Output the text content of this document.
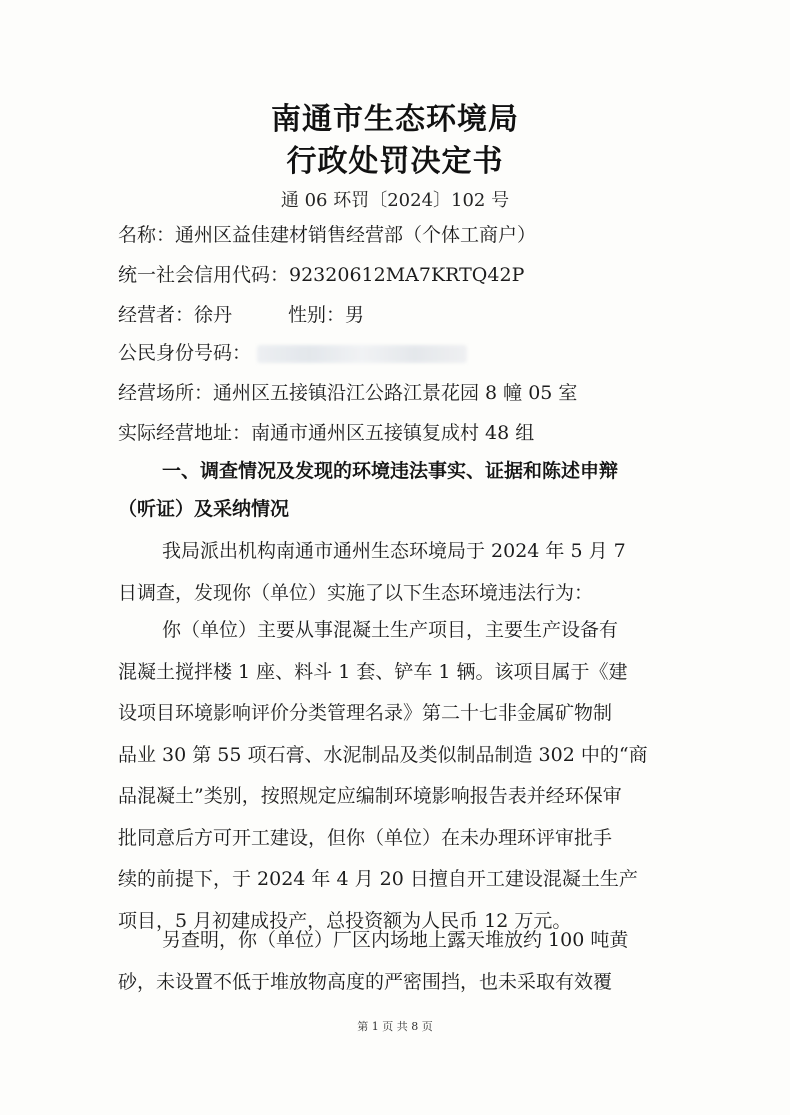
南通市生态环境局
行政处罚决定书
通 06 环罚〔2024〕102 号
名称：通州区益佳建材销售经营部（个体工商户）
统一社会信用代码：92320612MA7KRTQ42P
经营者：徐丹	性别：男
公民身份号码：
经营场所：通州区五接镇沿江公路江景花园 8 幢 05 室
实际经营地址：南通市通州区五接镇复成村 48 组
一、调查情况及发现的环境违法事实、证据和陈述申辩
（听证）及采纳情况
我局派出机构南通市通州生态环境局于 2024 年 5 月 7
日调查，发现你（单位）实施了以下生态环境违法行为：
你（单位）主要从事混凝土生产项目，主要生产设备有
混凝土搅拌楼 1 座、料斗 1 套、铲车 1 辆。该项目属于《建
设项目环境影响评价分类管理名录》第二十七非金属矿物制
品业 30 第 55 项石膏、水泥制品及类似制品制造 302 中的“商
品混凝土”类别，按照规定应编制环境影响报告表并经环保审
批同意后方可开工建设，但你（单位）在未办理环评审批手
续的前提下，于 2024 年 4 月 20 日擅自开工建设混凝土生产
项目，5 月初建成投产，总投资额为人民币 12 万元。
另查明，你（单位）厂区内场地上露天堆放约 100 吨黄
砂，未设置不低于堆放物高度的严密围挡，也未采取有效覆
第 1 页 共 8 页
